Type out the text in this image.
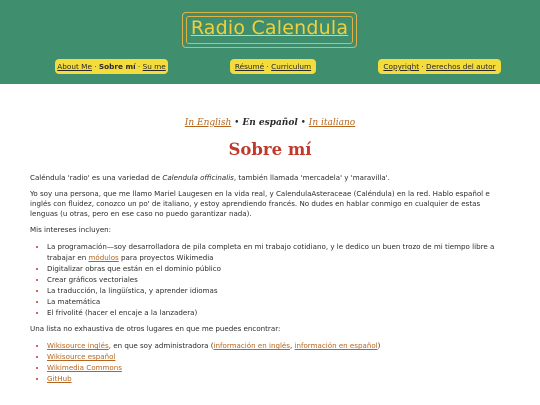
Radio Calendula
About Me · Sobre mí · Su me	Résumé · Curriculum	Copyright · Derechos del autor
In English • En español • In italiano
Sobre mí

Caléndula 'radio' es una variedad de Calendula officinalis, también llamada 'mercadela' y 'maravilla'.

Yo soy una persona, que me llamo Mariel Laugesen en la vida real, y CalendulaAsteraceae (Caléndula) en la red. Hablo español e inglés con fluidez, conozco un po' de italiano, y estoy aprendiendo francés. No dudes en hablar conmigo en cualquier de estas lenguas (u otras, pero en ese caso no puedo garantizar nada).

Mis intereses incluyen:

• La programación—soy desarrolladora de pila completa en mi trabajo cotidiano, y le dedico un buen trozo de mi tiempo libre a trabajar en módulos para proyectos Wikimedia
• Digitalizar obras que están en el dominio público
• Crear gráficos vectoriales
• La traducción, la lingüística, y aprender idiomas
• La matemática
• El frivolité (hacer el encaje a la lanzadera)

Una lista no exhaustiva de otros lugares en que me puedes encontrar:

• Wikisource inglés, en que soy administradora (información en inglés, información en español)
• Wikisource español
• Wikimedia Commons
• GitHub
